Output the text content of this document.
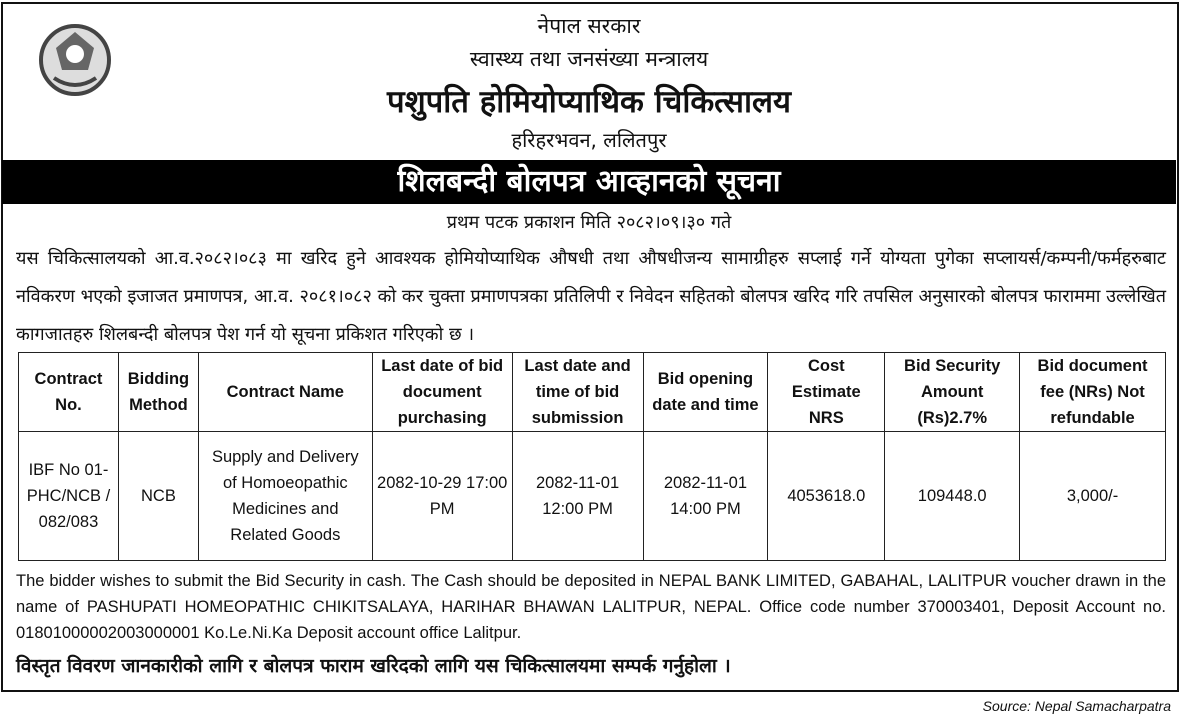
नेपाल सरकार
स्वास्थ्य तथा जनसंख्या मन्त्रालय
पशुपति होमियोप्याथिक चिकित्सालय
हरिहरभवन, ललितपुर
शिलबन्दी बोलपत्र आव्हानको सूचना
प्रथम पटक प्रकाशन मिति २०८२।०९।३० गते
यस चिकित्सालयको आ.व.२०८२।०८३ मा खरिद हुने आवश्यक होमियोप्याथिक औषधी तथा औषधीजन्य सामाग्रीहरु सप्लाई गर्ने योग्यता पुगेका सप्लायर्स/कम्पनी/फर्महरुबाट नविकरण भएको इजाजत प्रमाणपत्र, आ.व. २०८१।०८२ को कर चुक्ता प्रमाणपत्रका प्रतिलिपी र निवेदन सहितको बोलपत्र खरिद गरि तपसिल अनुसारको बोलपत्र फाराममा उल्लेखित कागजातहरु शिलबन्दी बोलपत्र पेश गर्न यो सूचना प्रकिशत गरिएको छ ।
Contract No.	Bidding Method	Contract Name	Last date of bid document purchasing	Last date and time of bid submission	Bid opening date and time	Cost Estimate NRS	Bid Security Amount (Rs)2.7%	Bid document fee (NRs) Not refundable
IBF No 01-PHC/NCB / 082/083	NCB	Supply and Delivery of Homoeopathic Medicines and Related Goods	2082-10-29 17:00 PM	2082-11-01 12:00 PM	2082-11-01 14:00 PM	4053618.0	109448.0	3,000/-
The bidder wishes to submit the Bid Security in cash. The Cash should be deposited in NEPAL BANK LIMITED, GABAHAL, LALITPUR voucher drawn in the name of PASHUPATI HOMEOPATHIC CHIKITSALAYA, HARIHAR BHAWAN LALITPUR, NEPAL. Office code number 370003401, Deposit Account no. 01801000002003000001 Ko.Le.Ni.Ka Deposit account office Lalitpur.
विस्तृत विवरण जानकारीको लागि र बोलपत्र फाराम खरिदको लागि यस चिकित्सालयमा सम्पर्क गर्नुहोला ।
Source: Nepal Samacharpatra
